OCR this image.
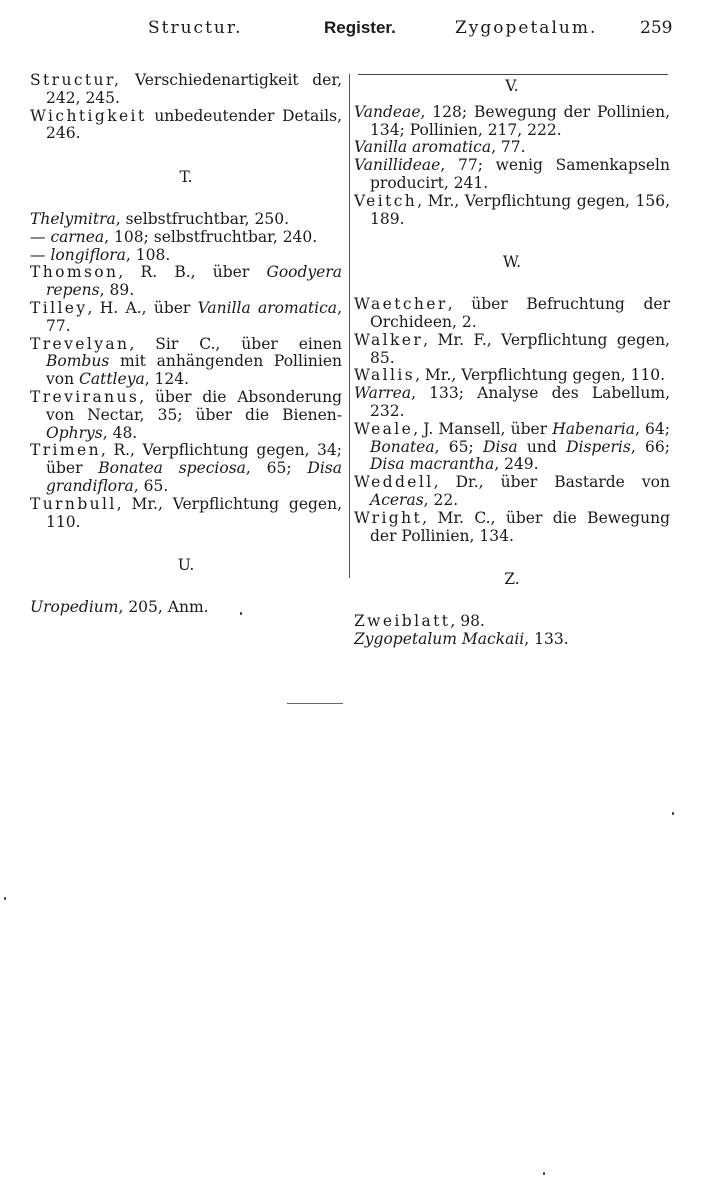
Structur.	Register.	Zygopetalum.	259

Structur, Verschiedenartigkeit der, 242, 245.

Wichtigkeit unbedeutender Details, 246.

T.

Thelymitra, selbstfruchtbar, 250.

— carnea, 108; selbstfruchtbar, 240.

— longiflora, 108.

Thomson, R. B., über Goodyera repens, 89.

Tilley, H. A., über Vanilla aromatica, 77.

Trevelyan, Sir C., über einen Bombus mit anhängenden Pollinien von Cattleya, 124.

Treviranus, über die Absonderung von Nectar, 35; über die Bienen-Ophrys, 48.

Trimen, R., Verpflichtung gegen, 34; über Bonatea speciosa, 65; Disa grandiflora, 65.

Turnbull, Mr., Verpflichtung gegen, 110.

U.

Uropedium, 205, Anm.

V.

Vandeae, 128; Bewegung der Pollinien, 134; Pollinien, 217, 222.

Vanilla aromatica, 77.

Vanillideae, 77; wenig Samenkapseln producirt, 241.

Veitch, Mr., Verpflichtung gegen, 156, 189.

W.

Waetcher, über Befruchtung der Orchideen, 2.

Walker, Mr. F., Verpflichtung gegen, 85.

Wallis, Mr., Verpflichtung gegen, 110.

Warrea, 133; Analyse des Labellum, 232.

Weale, J. Mansell, über Habenaria, 64; Bonatea, 65; Disa und Disperis, 66; Disa macrantha, 249.

Weddell, Dr., über Bastarde von Aceras, 22.

Wright, Mr. C., über die Bewegung der Pollinien, 134.

Z.

Zweiblatt, 98.

Zygopetalum Mackaii, 133.
